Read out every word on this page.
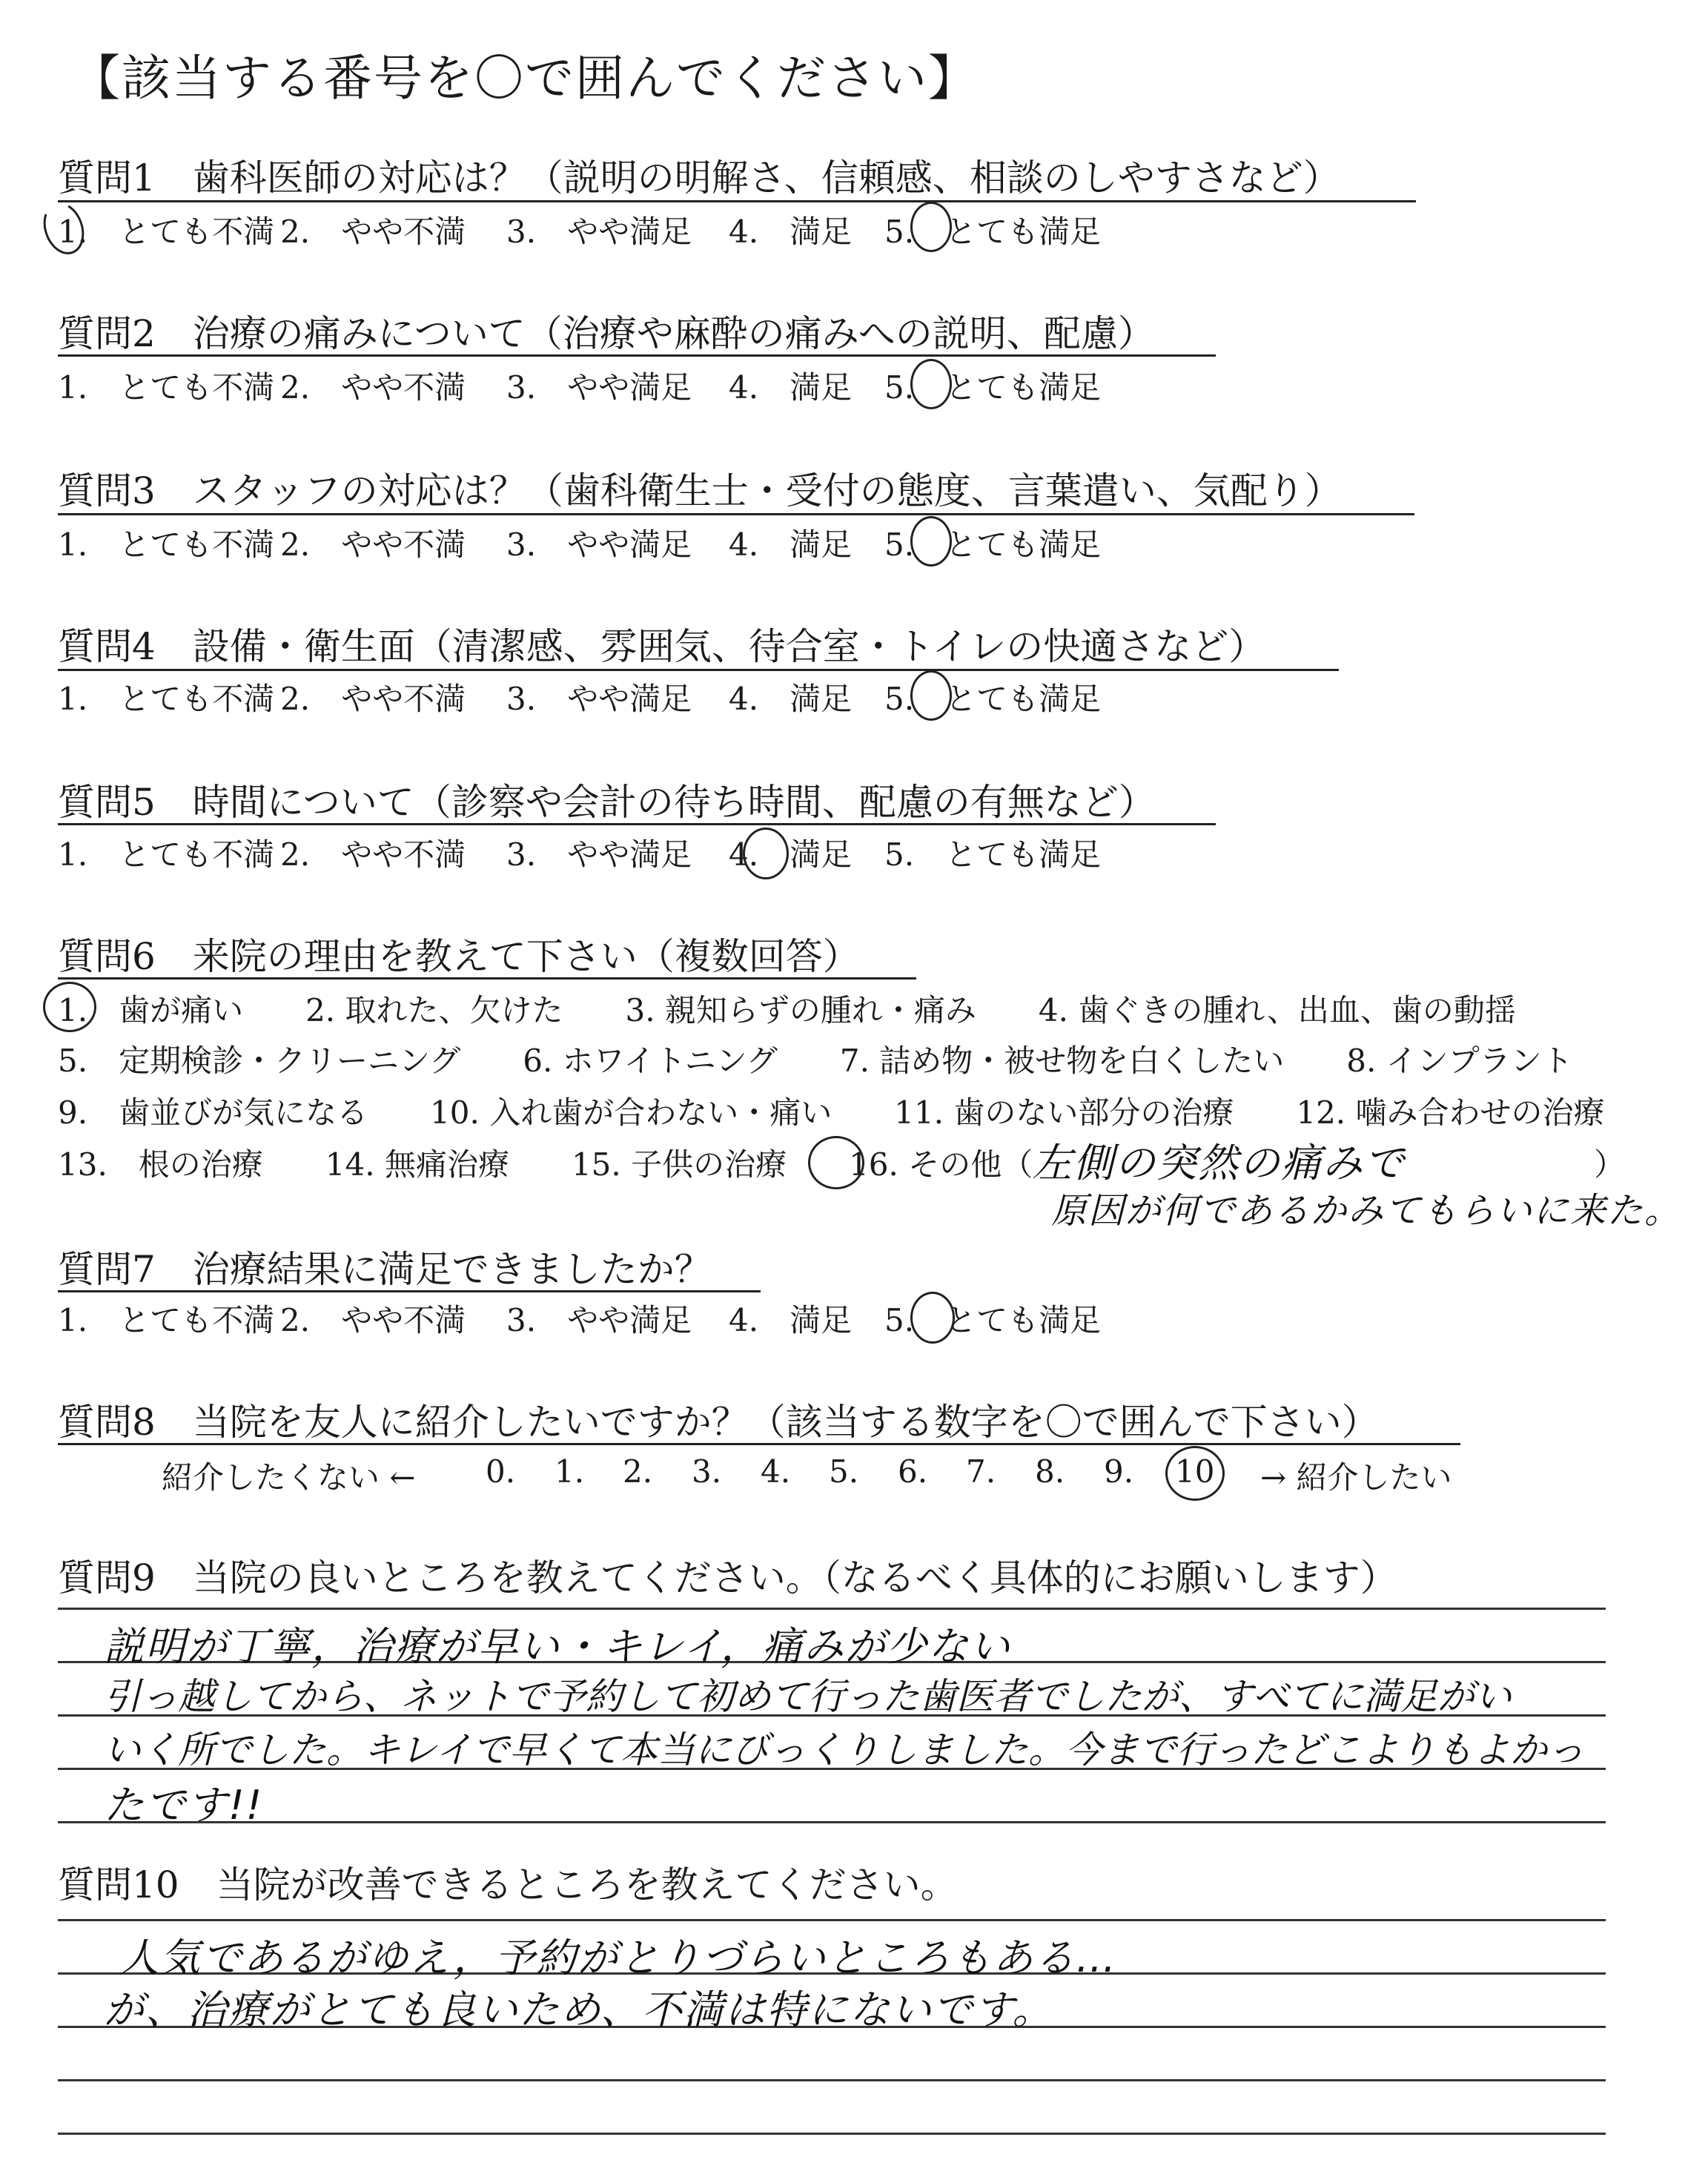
【該当する番号を〇で囲んでください】
質問1　歯科医師の対応は？（説明の明解さ、信頼感、相談のしやすさなど）
1.　とても不満 2.　やや不満 3.　やや満足 4.　満足 5.　とても満足
質問2　治療の痛みについて（治療や麻酔の痛みへの説明、配慮）
1.　とても不満 2.　やや不満 3.　やや満足 4.　満足 5.　とても満足
質問3　スタッフの対応は？（歯科衛生士・受付の態度、言葉遣い、気配り）
1.　とても不満 2.　やや不満 3.　やや満足 4.　満足 5.　とても満足
質問4　設備・衛生面（清潔感、雰囲気、待合室・トイレの快適さなど）
1.　とても不満 2.　やや不満 3.　やや満足 4.　満足 5.　とても満足
質問5　時間について（診察や会計の待ち時間、配慮の有無など）
1.　とても不満 2.　やや不満 3.　やや満足 4.　満足 5.　とても満足
質問6　来院の理由を教えて下さい（複数回答）
1.　歯が痛い　　2. 取れた、欠けた　　3. 親知らずの腫れ・痛み　　4. 歯ぐきの腫れ、出血、歯の動揺
5.　定期検診・クリーニング　　6. ホワイトニング　　7. 詰め物・被せ物を白くしたい　　8. インプラント
9.　歯並びが気になる　　10. 入れ歯が合わない・痛い　　11. 歯のない部分の治療　　12. 噛み合わせの治療
13.　根の治療　　14. 無痛治療　　15. 子供の治療　　16. その他（	）
左側の突然の痛みで
原因が何であるかみてもらいに来た。
質問7　治療結果に満足できましたか？
1.　とても不満 2.　やや不満 3.　やや満足 4.　満足 5.　とても満足
質問8　当院を友人に紹介したいですか？（該当する数字を〇で囲んで下さい）
紹介したくない ← 0. 1. 2. 3. 4. 5. 6. 7. 8. 9. 10 → 紹介したい
質問9　当院の良いところを教えてください。（なるべく具体的にお願いします）
説明が丁寧，治療が早い・キレイ，痛みが少ない
引っ越してから、ネットで予約して初めて行った歯医者でしたが、すべてに満足がい
いく所でした。キレイで早くて本当にびっくりしました。今まで行ったどこよりもよかっ
たです!!
質問10　当院が改善できるところを教えてください。
人気であるがゆえ，予約がとりづらいところもある…
が、治療がとても良いため、不満は特にないです。
